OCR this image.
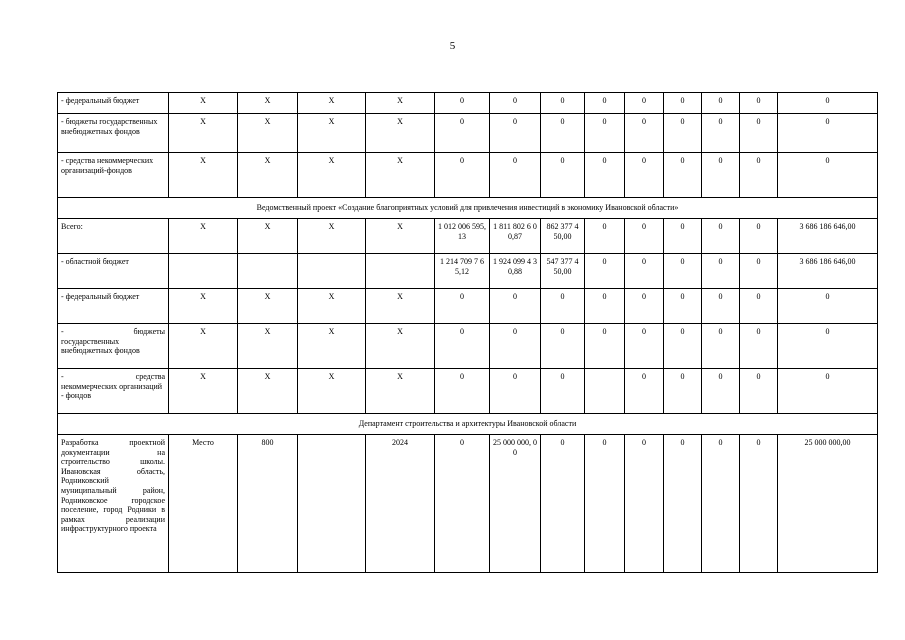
5
- федеральный бюджет	X	X	X	X	0	0	0	0	0	0	0	0	0
- бюджеты государственных внебюджетных фондов	X	X	X	X	0	0	0	0	0	0	0	0	0
- средства некоммерческих организаций-фондов	X	X	X	X	0	0	0	0	0	0	0	0	0
Ведомственный проект «Создание благоприятных условий для привлечения инвестиций в экономику Ивановской области»													
Всего:	X	X	X	X	1 012 006 595,13	1 811 802 6 00,87	862 377 4 50,00	0	0	0	0	0	3 686 186 646,00
- областной бюджет					1 214 709 7 65,12	1 924 099 4 30,88	547 377 4 50,00	0	0	0	0	0	3 686 186 646,00
- федеральный бюджет	X	X	X	X	0	0	0	0	0	0	0	0	0

- бюджеты
государственных внебюджетных фондов	X	X	X	X	0	0	0	0	0	0	0	0	0

- средства
некоммерческих организаций - фондов	X	X	X	X	0	0	0		0	0	0	0	0
Департамент строительства и архитектуры Ивановской области													
Разработка проектной документации на строительство школы. Ивановская область, Родниковский муниципальный район, Родниковское городское поселение, город Родники в рамках реализации инфраструктурного проекта	Место	800		2024	0	25 000 000, 00	0	0	0	0	0	0	25 000 000,00
